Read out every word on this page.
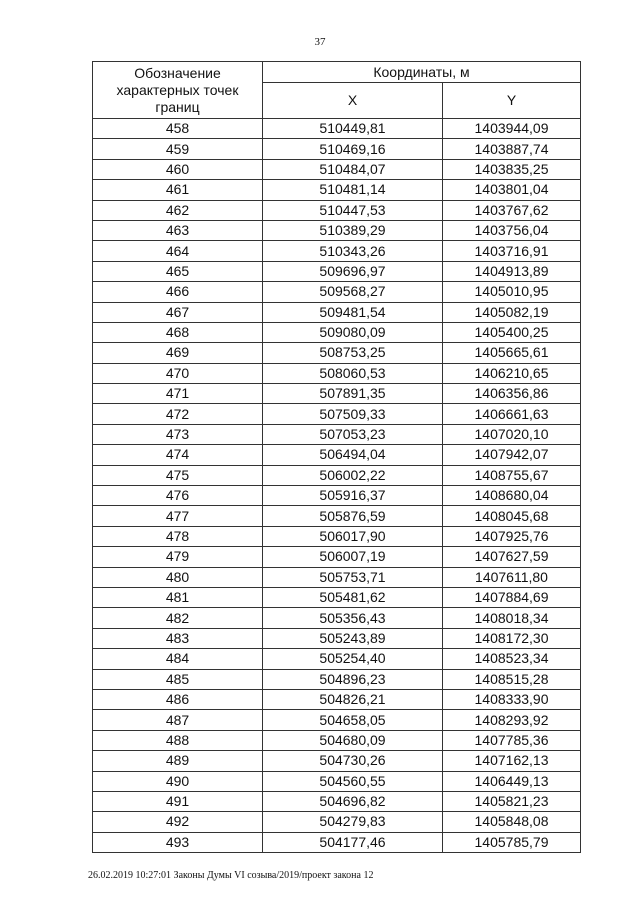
37
Обозначение характерных точек границ	Координаты, м	
	X	Y
458	510449,81	1403944,09
459	510469,16	1403887,74
460	510484,07	1403835,25
461	510481,14	1403801,04
462	510447,53	1403767,62
463	510389,29	1403756,04
464	510343,26	1403716,91
465	509696,97	1404913,89
466	509568,27	1405010,95
467	509481,54	1405082,19
468	509080,09	1405400,25
469	508753,25	1405665,61
470	508060,53	1406210,65
471	507891,35	1406356,86
472	507509,33	1406661,63
473	507053,23	1407020,10
474	506494,04	1407942,07
475	506002,22	1408755,67
476	505916,37	1408680,04
477	505876,59	1408045,68
478	506017,90	1407925,76
479	506007,19	1407627,59
480	505753,71	1407611,80
481	505481,62	1407884,69
482	505356,43	1408018,34
483	505243,89	1408172,30
484	505254,40	1408523,34
485	504896,23	1408515,28
486	504826,21	1408333,90
487	504658,05	1408293,92
488	504680,09	1407785,36
489	504730,26	1407162,13
490	504560,55	1406449,13
491	504696,82	1405821,23
492	504279,83	1405848,08
493	504177,46	1405785,79
26.02.2019 10:27:01 Законы Думы VI созыва/2019/проект закона 12
